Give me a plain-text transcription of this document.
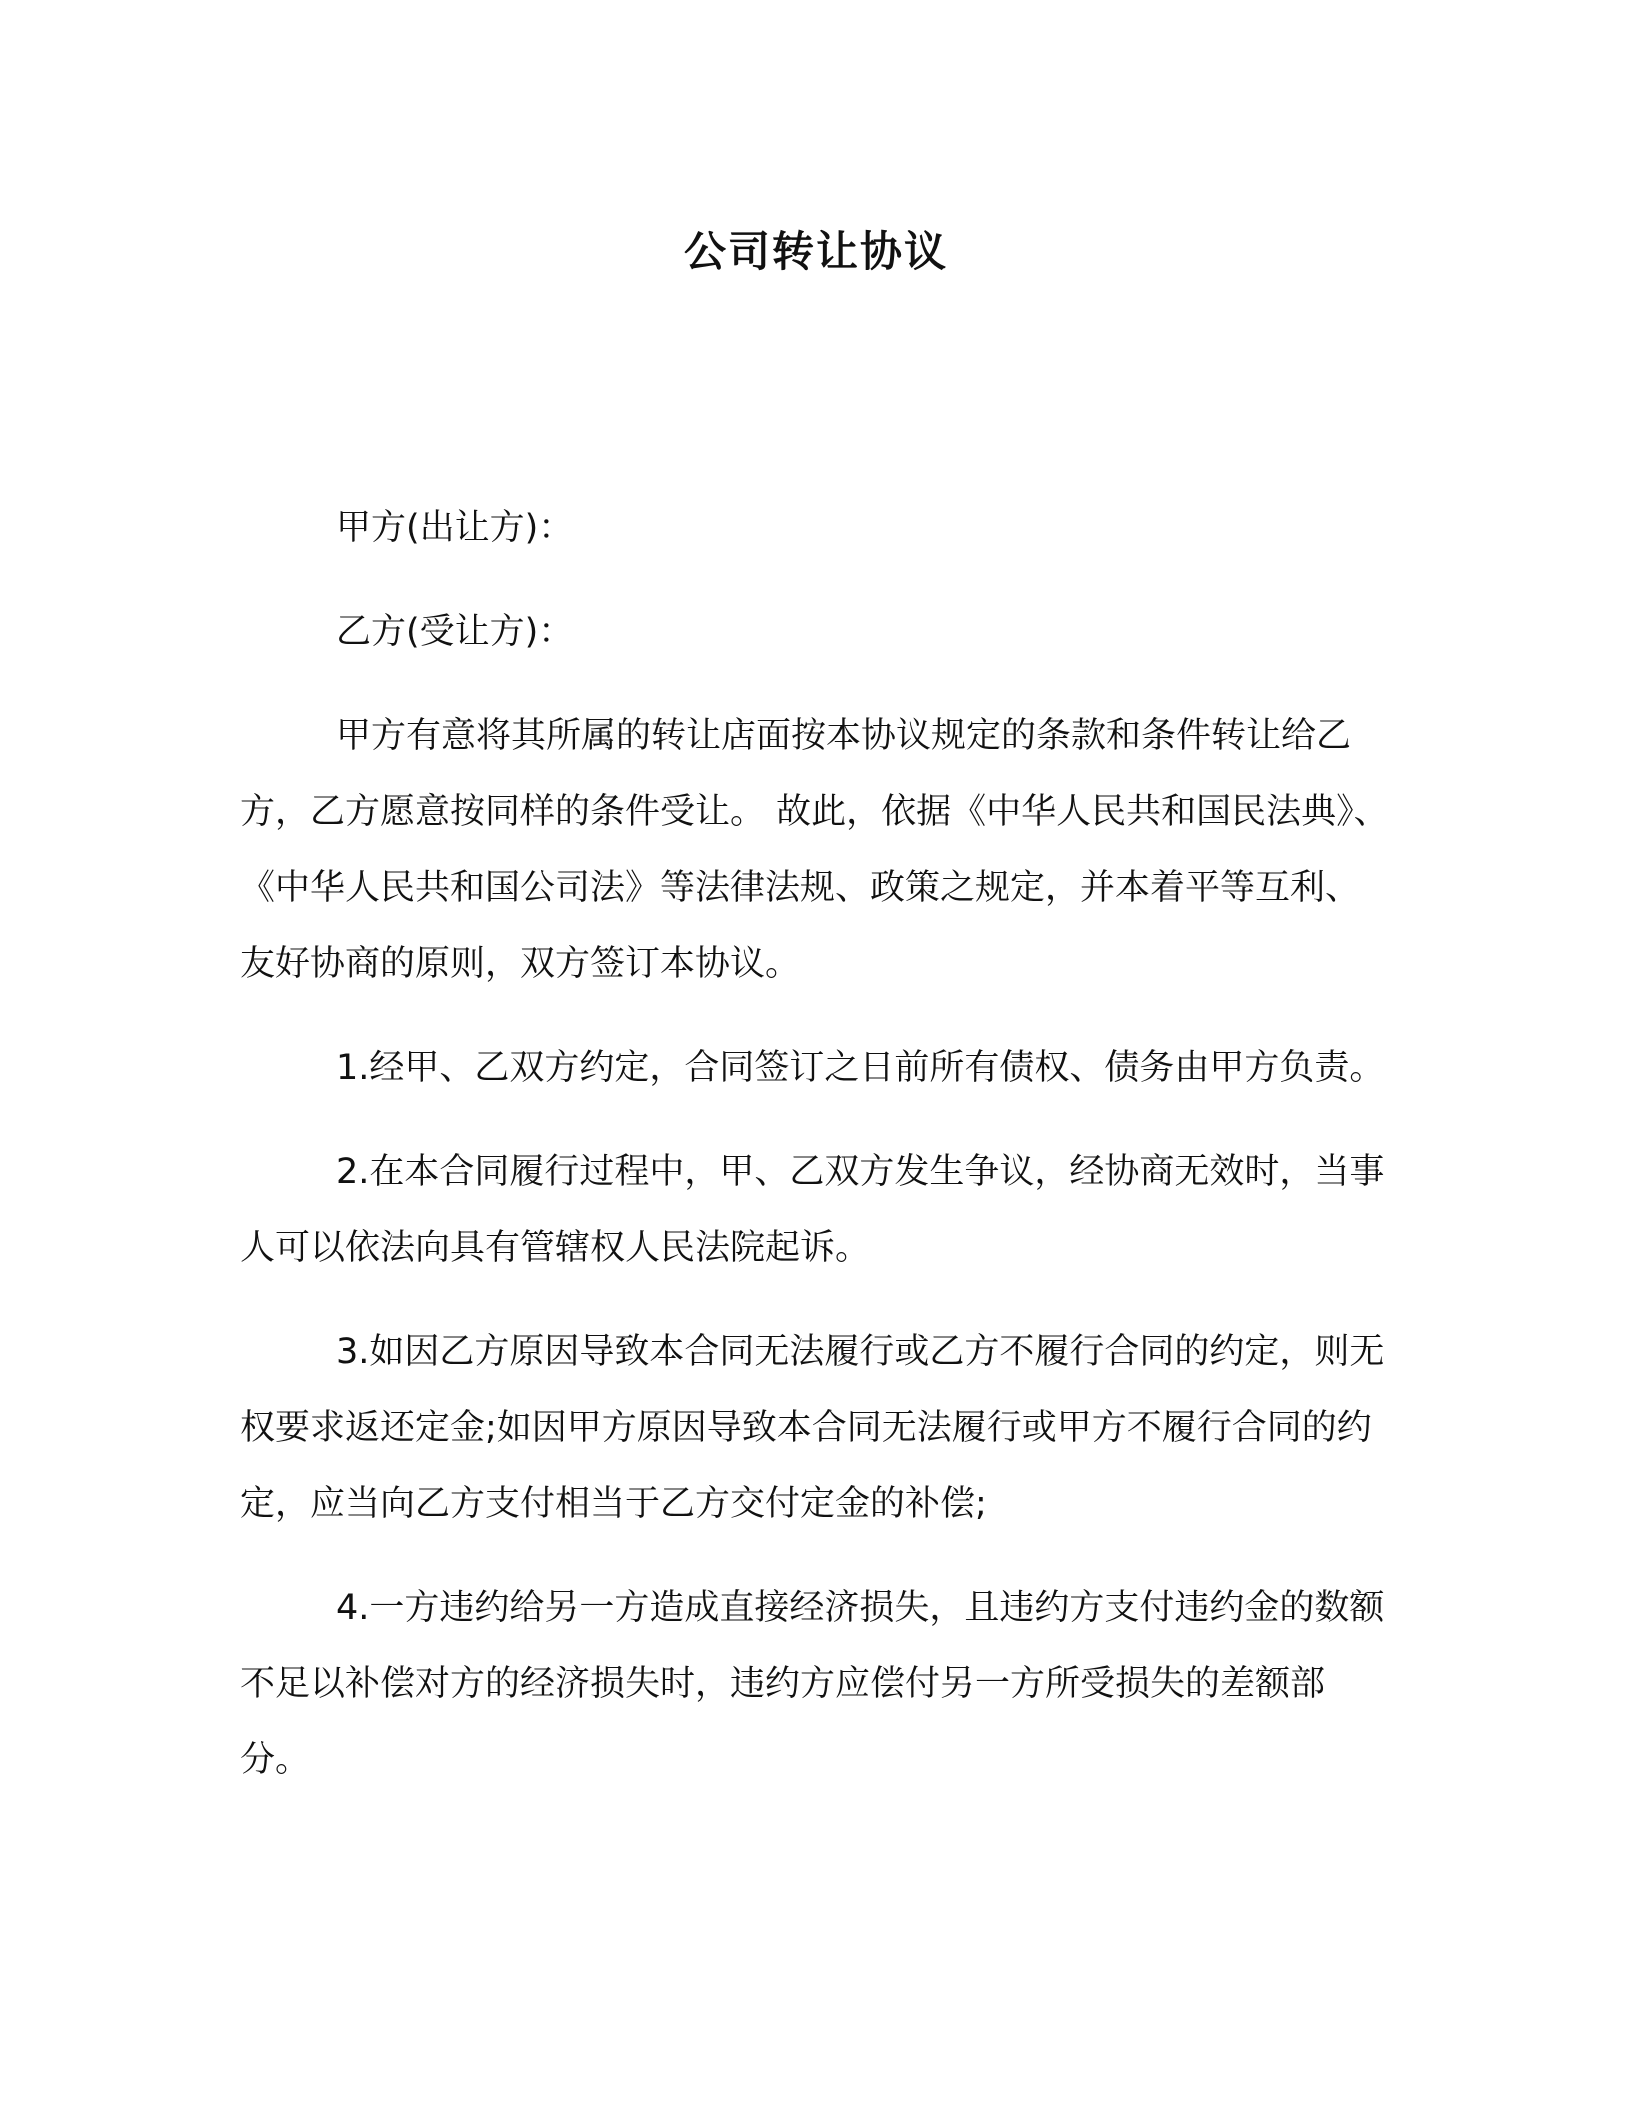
公司转让协议

甲方(出让方)：

乙方(受让方)：

甲方有意将其所属的转让店面按本协议规定的条款和条件转让给乙方，乙方愿意按同样的条件受让。 故此，依据《中华人民共和国民法典》、《中华人民共和国公司法》等法律法规、政策之规定，并本着平等互利、友好协商的原则，双方签订本协议。

1.经甲、乙双方约定，合同签订之日前所有债权、债务由甲方负责。

2.在本合同履行过程中，甲、乙双方发生争议，经协商无效时，当事人可以依法向具有管辖权人民法院起诉。

3.如因乙方原因导致本合同无法履行或乙方不履行合同的约定，则无权要求返还定金;如因甲方原因导致本合同无法履行或甲方不履行合同的约定，应当向乙方支付相当于乙方交付定金的补偿;

4.一方违约给另一方造成直接经济损失，且违约方支付违约金的数额不足以补偿对方的经济损失时，违约方应偿付另一方所受损失的差额部分。
